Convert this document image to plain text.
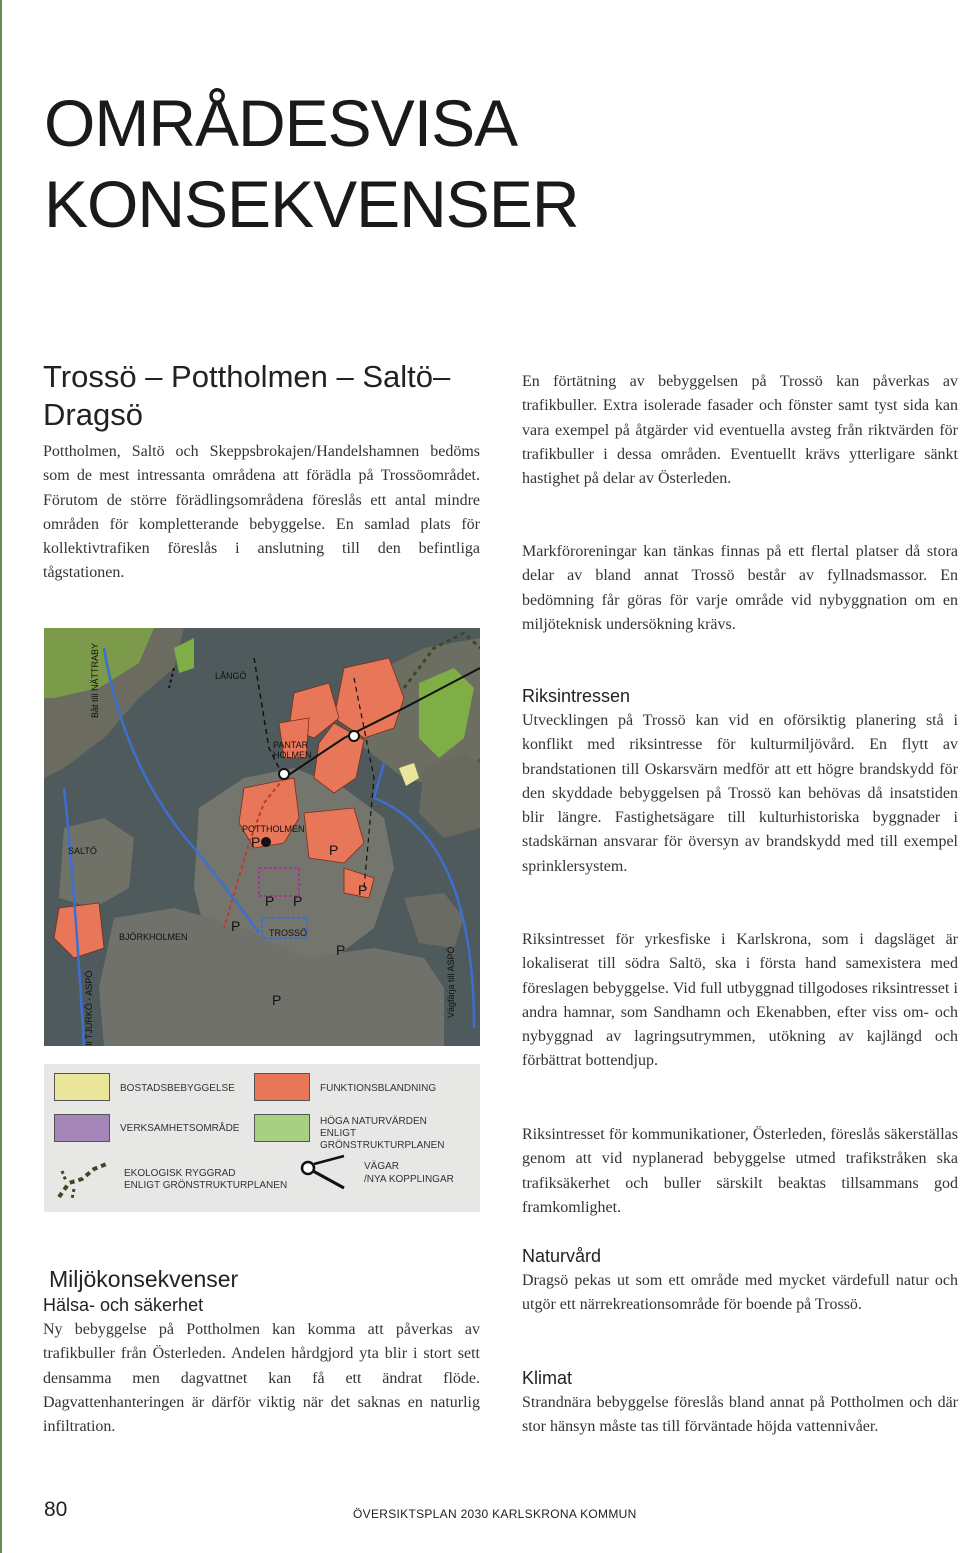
OMRÅDESVISA
KONSEKVENSER
Trossö – Pottholmen – Saltö–
Dragsö

Pottholmen, Saltö och Skeppsbrokajen/Handelshamnen bedöms som de mest intressanta områdena att förädla på Trossöområdet. Förutom de större förädlingsområdena föreslås ett antal mindre områden för kompletterande bebyggelse. En samlad plats för kollektivtrafiken föreslås i anslutning till den befintliga tågstationen.

LÅNGÖ
PANTAR
HOLMEN
POTTHOLMEN
SALTÖ
BJÖRKHOLMEN	TROSSÖ
Båt till NÄTTRABY
Vägfärja till ASPÖ
Il TJURKÖ - ASPÖ
P	P
P
P P
P
P
P
BOSTADSBEBYGGELSE	FUNKTIONSBLANDNING
VERKSAMHETSOMRÅDE
HÖGA NATURVÄRDEN
ENLIGT GRÖNSTRUKTURPLANEN
EKOLOGISK RYGGRAD
ENLIGT GRÖNSTRUKTURPLANEN
VÄGAR
/NYA KOPPLINGAR
Miljökonsekvenser
Hälsa- och säkerhet

Ny bebyggelse på Pottholmen kan komma att påverkas av trafikbuller från Österleden. Andelen hårdgjord yta blir i stort sett densamma men dagvattnet kan få ett ändrat flöde. Dagvattenhanteringen är därför viktig när det saknas en naturlig infiltration.

En förtätning av bebyggelsen på Trossö kan påverkas av trafikbuller. Extra isolerade fasader och fönster samt tyst sida kan vara exempel på åtgärder vid eventuella avsteg från riktvärden för trafikbuller i dessa områden. Eventuellt krävs ytterligare sänkt hastighet på delar av Österleden.

Markföroreningar kan tänkas finnas på ett flertal platser då stora delar av bland annat Trossö består av fyllnadsmassor. En bedömning får göras för varje område vid nybyggnation om en miljöteknisk undersökning krävs.

Riksintressen

Utvecklingen på Trossö kan vid en oförsiktig planering stå i konflikt med riksintresse för kulturmiljövård. En flytt av brandstationen till Oskarsvärn medför att ett högre brandskydd för den skyddade bebyggelsen på Trossö kan behövas då insatstiden blir längre. Fastighetsägare till kulturhistoriska byggnader i stadskärnan ansvarar för översyn av brandskydd med till exempel sprinklersystem.

Riksintresset för yrkesfiske i Karlskrona, som i dagsläget är lokaliserat till södra Saltö, ska i första hand samexistera med föreslagen bebyggelse. Vid full utbyggnad tillgodoses riksintresset i andra hamnar, som Sandhamn och Ekenabben, efter viss om- och nybyggnad av lagringsutrymmen, utökning av kajlängd och förbättrat bottendjup.

Riksintresset för kommunikationer, Österleden, föreslås säkerställas genom att vid nyplanerad bebyggelse utmed trafikstråken ska trafiksäkerhet och buller särskilt beaktas tillsammans god framkomlighet.

Naturvård

Dragsö pekas ut som ett område med mycket värdefull natur och utgör ett närrekreationsområde för boende på Trossö.

Klimat

Strandnära bebyggelse föreslås bland annat på Pottholmen och där stor hänsyn måste tas till förväntade höjda vattennivåer.

80	ÖVERSIKTSPLAN 2030 KARLSKRONA KOMMUN
